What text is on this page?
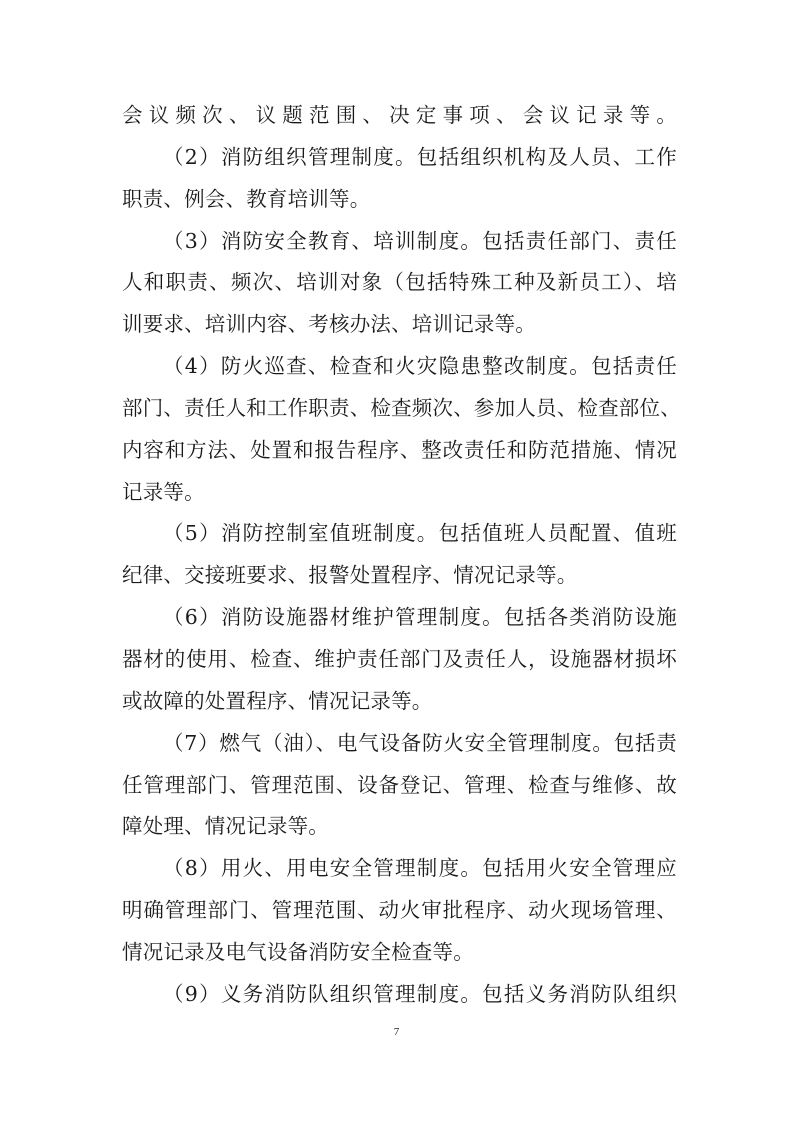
会议频次、议题范围、决定事项、会议记录等。
（2）消防组织管理制度。包括组织机构及人员、工作
职责、例会、教育培训等。
（3）消防安全教育、培训制度。包括责任部门、责任
人和职责、频次、培训对象（包括特殊工种及新员工）、培
训要求、培训内容、考核办法、培训记录等。
（4）防火巡查、检查和火灾隐患整改制度。包括责任
部门、责任人和工作职责、检查频次、参加人员、检查部位、
内容和方法、处置和报告程序、整改责任和防范措施、情况
记录等。
（5）消防控制室值班制度。包括值班人员配置、值班
纪律、交接班要求、报警处置程序、情况记录等。
（6）消防设施器材维护管理制度。包括各类消防设施
器材的使用、检查、维护责任部门及责任人，设施器材损坏
或故障的处置程序、情况记录等。
（7）燃气（油）、电气设备防火安全管理制度。包括责
任管理部门、管理范围、设备登记、管理、检查与维修、故
障处理、情况记录等。
（8）用火、用电安全管理制度。包括用火安全管理应
明确管理部门、管理范围、动火审批程序、动火现场管理、
情况记录及电气设备消防安全检查等。
（9）义务消防队组织管理制度。包括义务消防队组织
7
